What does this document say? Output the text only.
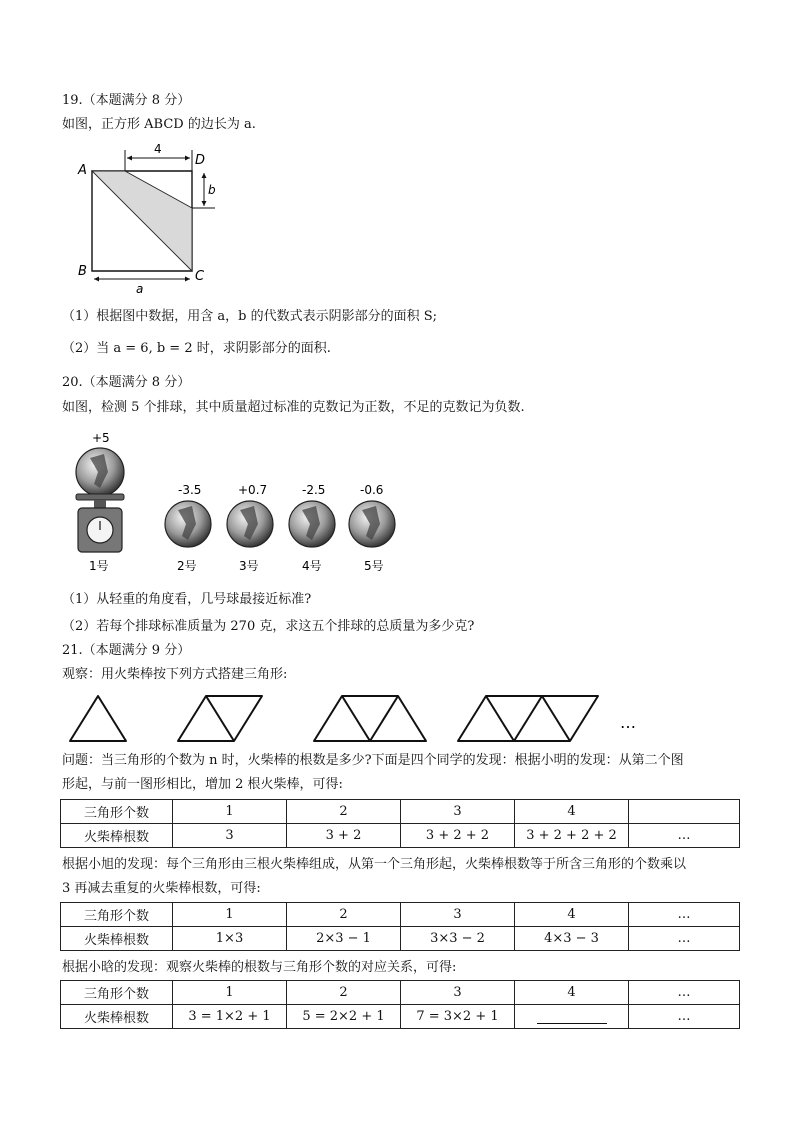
19.（本题满分 8 分）
如图，正方形 ABCD 的边长为 a.
A
D
B	C
4
b
a
（1）根据图中数据，用含 a，b 的代数式表示阴影部分的面积 S;
（2）当 a = 6, b = 2 时，求阴影部分的面积.
20.（本题满分 8 分）
如图，检测 5 个排球，其中质量超过标准的克数记为正数，不足的克数记为负数.
+5
1号
-3.5
2号
+0.7
3号
-2.5
4号
-0.6
5号
（1）从轻重的角度看，几号球最接近标准?
（2）若每个排球标准质量为 270 克，求这五个排球的总质量为多少克?
21.（本题满分 9 分）
观察：用火柴棒按下列方式搭建三角形:
…
问题：当三角形的个数为 n 时，火柴棒的根数是多少?下面是四个同学的发现：根据小明的发现：从第二个图
形起，与前一图形相比，增加 2 根火柴棒，可得:
三角形个数	1	2	3	4	
火柴棒根数	3	3 + 2	3 + 2 + 2	3 + 2 + 2 + 2	…
根据小旭的发现：每个三角形由三根火柴棒组成，从第一个三角形起，火柴棒根数等于所含三角形的个数乘以
3 再减去重复的火柴棒根数，可得:
三角形个数	1	2	3	4	…
火柴棒根数	1×3	2×3 − 1	3×3 − 2	4×3 − 3	…
根据小晗的发现：观察火柴棒的根数与三角形个数的对应关系，可得:
三角形个数	1	2	3	4	…
火柴棒根数	3 = 1×2 + 1	5 = 2×2 + 1	7 = 3×2 + 1		…
